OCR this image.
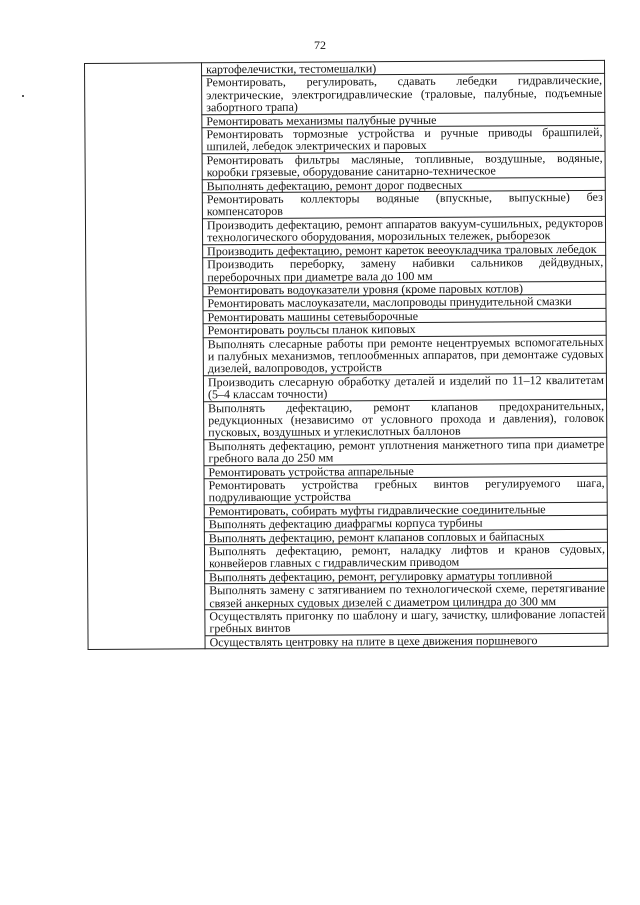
72

картофелечистки, тестомешалки)

Ремонтировать, регулировать, сдавать лебедки гидравлические, электрические, электрогидравлические (траловые, палубные, подъемные забортного трапа)

Ремонтировать механизмы палубные ручные

Ремонтировать тормозные устройства и ручные приводы брашпилей, шпилей, лебедок электрических и паровых

Ремонтировать фильтры масляные, топливные, воздушные, водяные, коробки грязевые, оборудование санитарно-техническое

Выполнять дефектацию, ремонт дорог подвесных

Ремонтировать коллекторы водяные (впускные, выпускные) без компенсаторов

Производить дефектацию, ремонт аппаратов вакуум-сушильных, редукторов технологического оборудования, морозильных тележек, рыборезок

Производить дефектацию, ремонт кареток вееоукладчика траловых лебедок

Производить переборку, замену набивки сальников дейдвудных, переборочных при диаметре вала до 100 мм

Ремонтировать водоуказатели уровня (кроме паровых котлов)

Ремонтировать маслоуказатели, маслопроводы принудительной смазки

Ремонтировать машины сетевыборочные

Ремонтировать роульсы планок киповых

Выполнять слесарные работы при ремонте нецентруемых вспомогательных и палубных механизмов, теплообменных аппаратов, при демонтаже судовых дизелей, валопроводов, устройств

Производить слесарную обработку деталей и изделий по 11–12 квалитетам (5–4 классам точности)

Выполнять дефектацию, ремонт клапанов предохранительных, редукционных (независимо от условного прохода и давления), головок пусковых, воздушных и углекислотных баллонов

Выполнять дефектацию, ремонт уплотнения манжетного типа при диаметре гребного вала до 250 мм

Ремонтировать устройства аппарельные

Ремонтировать устройства гребных винтов регулируемого шага, подруливающие устройства

Ремонтировать, собирать муфты гидравлические соединительные

Выполнять дефектацию диафрагмы корпуса турбины

Выполнять дефектацию, ремонт клапанов сопловых и байпасных

Выполнять дефектацию, ремонт, наладку лифтов и кранов судовых, конвейеров главных с гидравлическим приводом

Выполнять дефектацию, ремонт, регулировку арматуры топливной

Выполнять замену с затягиванием по технологической схеме, перетягивание связей анкерных судовых дизелей с диаметром цилиндра до 300 мм

Осуществлять пригонку по шаблону и шагу, зачистку, шлифование лопастей гребных винтов

Осуществлять центровку на плите в цехе движения поршневого
